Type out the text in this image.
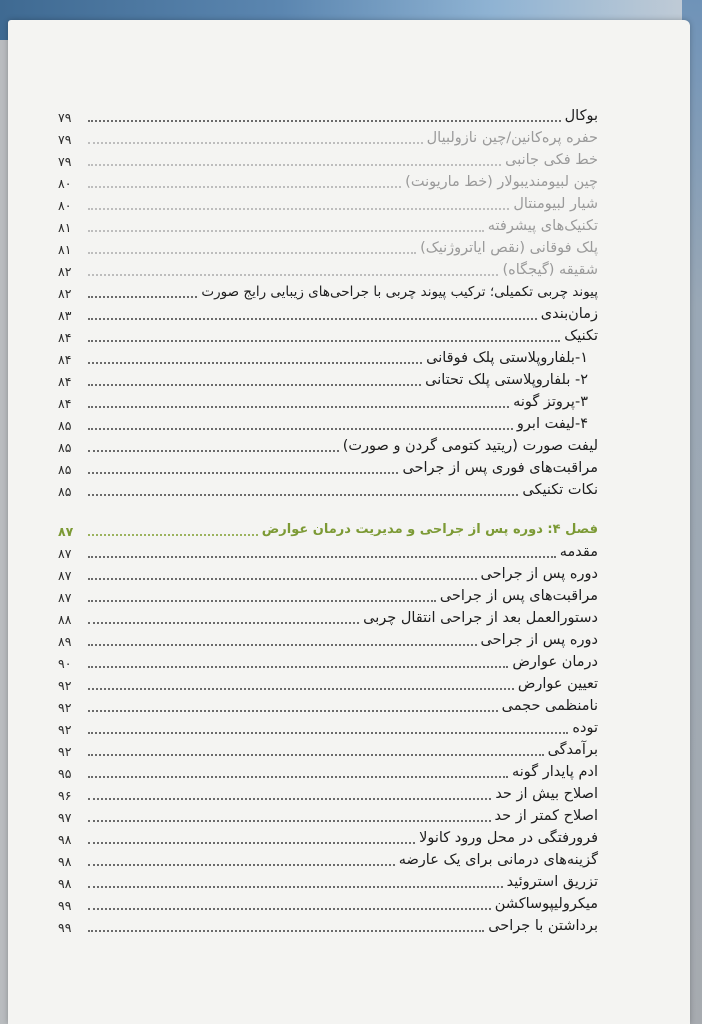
۷۹	بوکال
۷۹	حفره پره‌کانین/چین نازولبیال
۷۹	خط فکی جانبی
۸۰	چین لبیومندیبولار (خط ماریونت)
۸۰	شیار لبیومنتال
۸۱	تکنیک‌های پیشرفته
۸۱	پلک فوقانی (نقص ایاتروژنیک)
۸۲	شقیقه (گیجگاه)
۸۲	پیوند چربی تکمیلی؛ ترکیب پیوند چربی با جراحی‌های زیبایی رایج صورت
۸۳	زمان‌بندی
۸۴	تکنیک
۸۴	۱-بلفاروپلاستی پلک فوقانی
۸۴	۲- بلفاروپلاستی پلک تحتانی
۸۴	۳-پروتز گونه
۸۵	۴-لیفت ابرو
۸۵	لیفت صورت (ریتید کتومی گردن و صورت)
۸۵	مراقبت‌های فوری پس از جراحی
۸۵	نکات تکنیکی
۸۷	فصل ۴: دوره پس از جراحی و مدیریت درمان عوارض
۸۷	مقدمه
۸۷	دوره پس از جراحی
۸۷	مراقبت‌های پس از جراحی
۸۸	دستورالعمل بعد از جراحی انتقال چربی
۸۹	دوره پس از جراحی
۹۰	درمان عوارض
۹۲	تعیین عوارض
۹۲	نامنظمی حجمی
۹۲	توده
۹۲	برآمدگی
۹۵	ادم پایدار گونه
۹۶	اصلاح بیش از حد
۹۷	اصلاح کمتر از حد
۹۸	فرورفتگی در محل ورود کانولا
۹۸	گزینه‌های درمانی برای یک عارضه
۹۸	تزریق استروئید
۹۹	میکرولیپوساکشن
۹۹	برداشتن با جراحی
